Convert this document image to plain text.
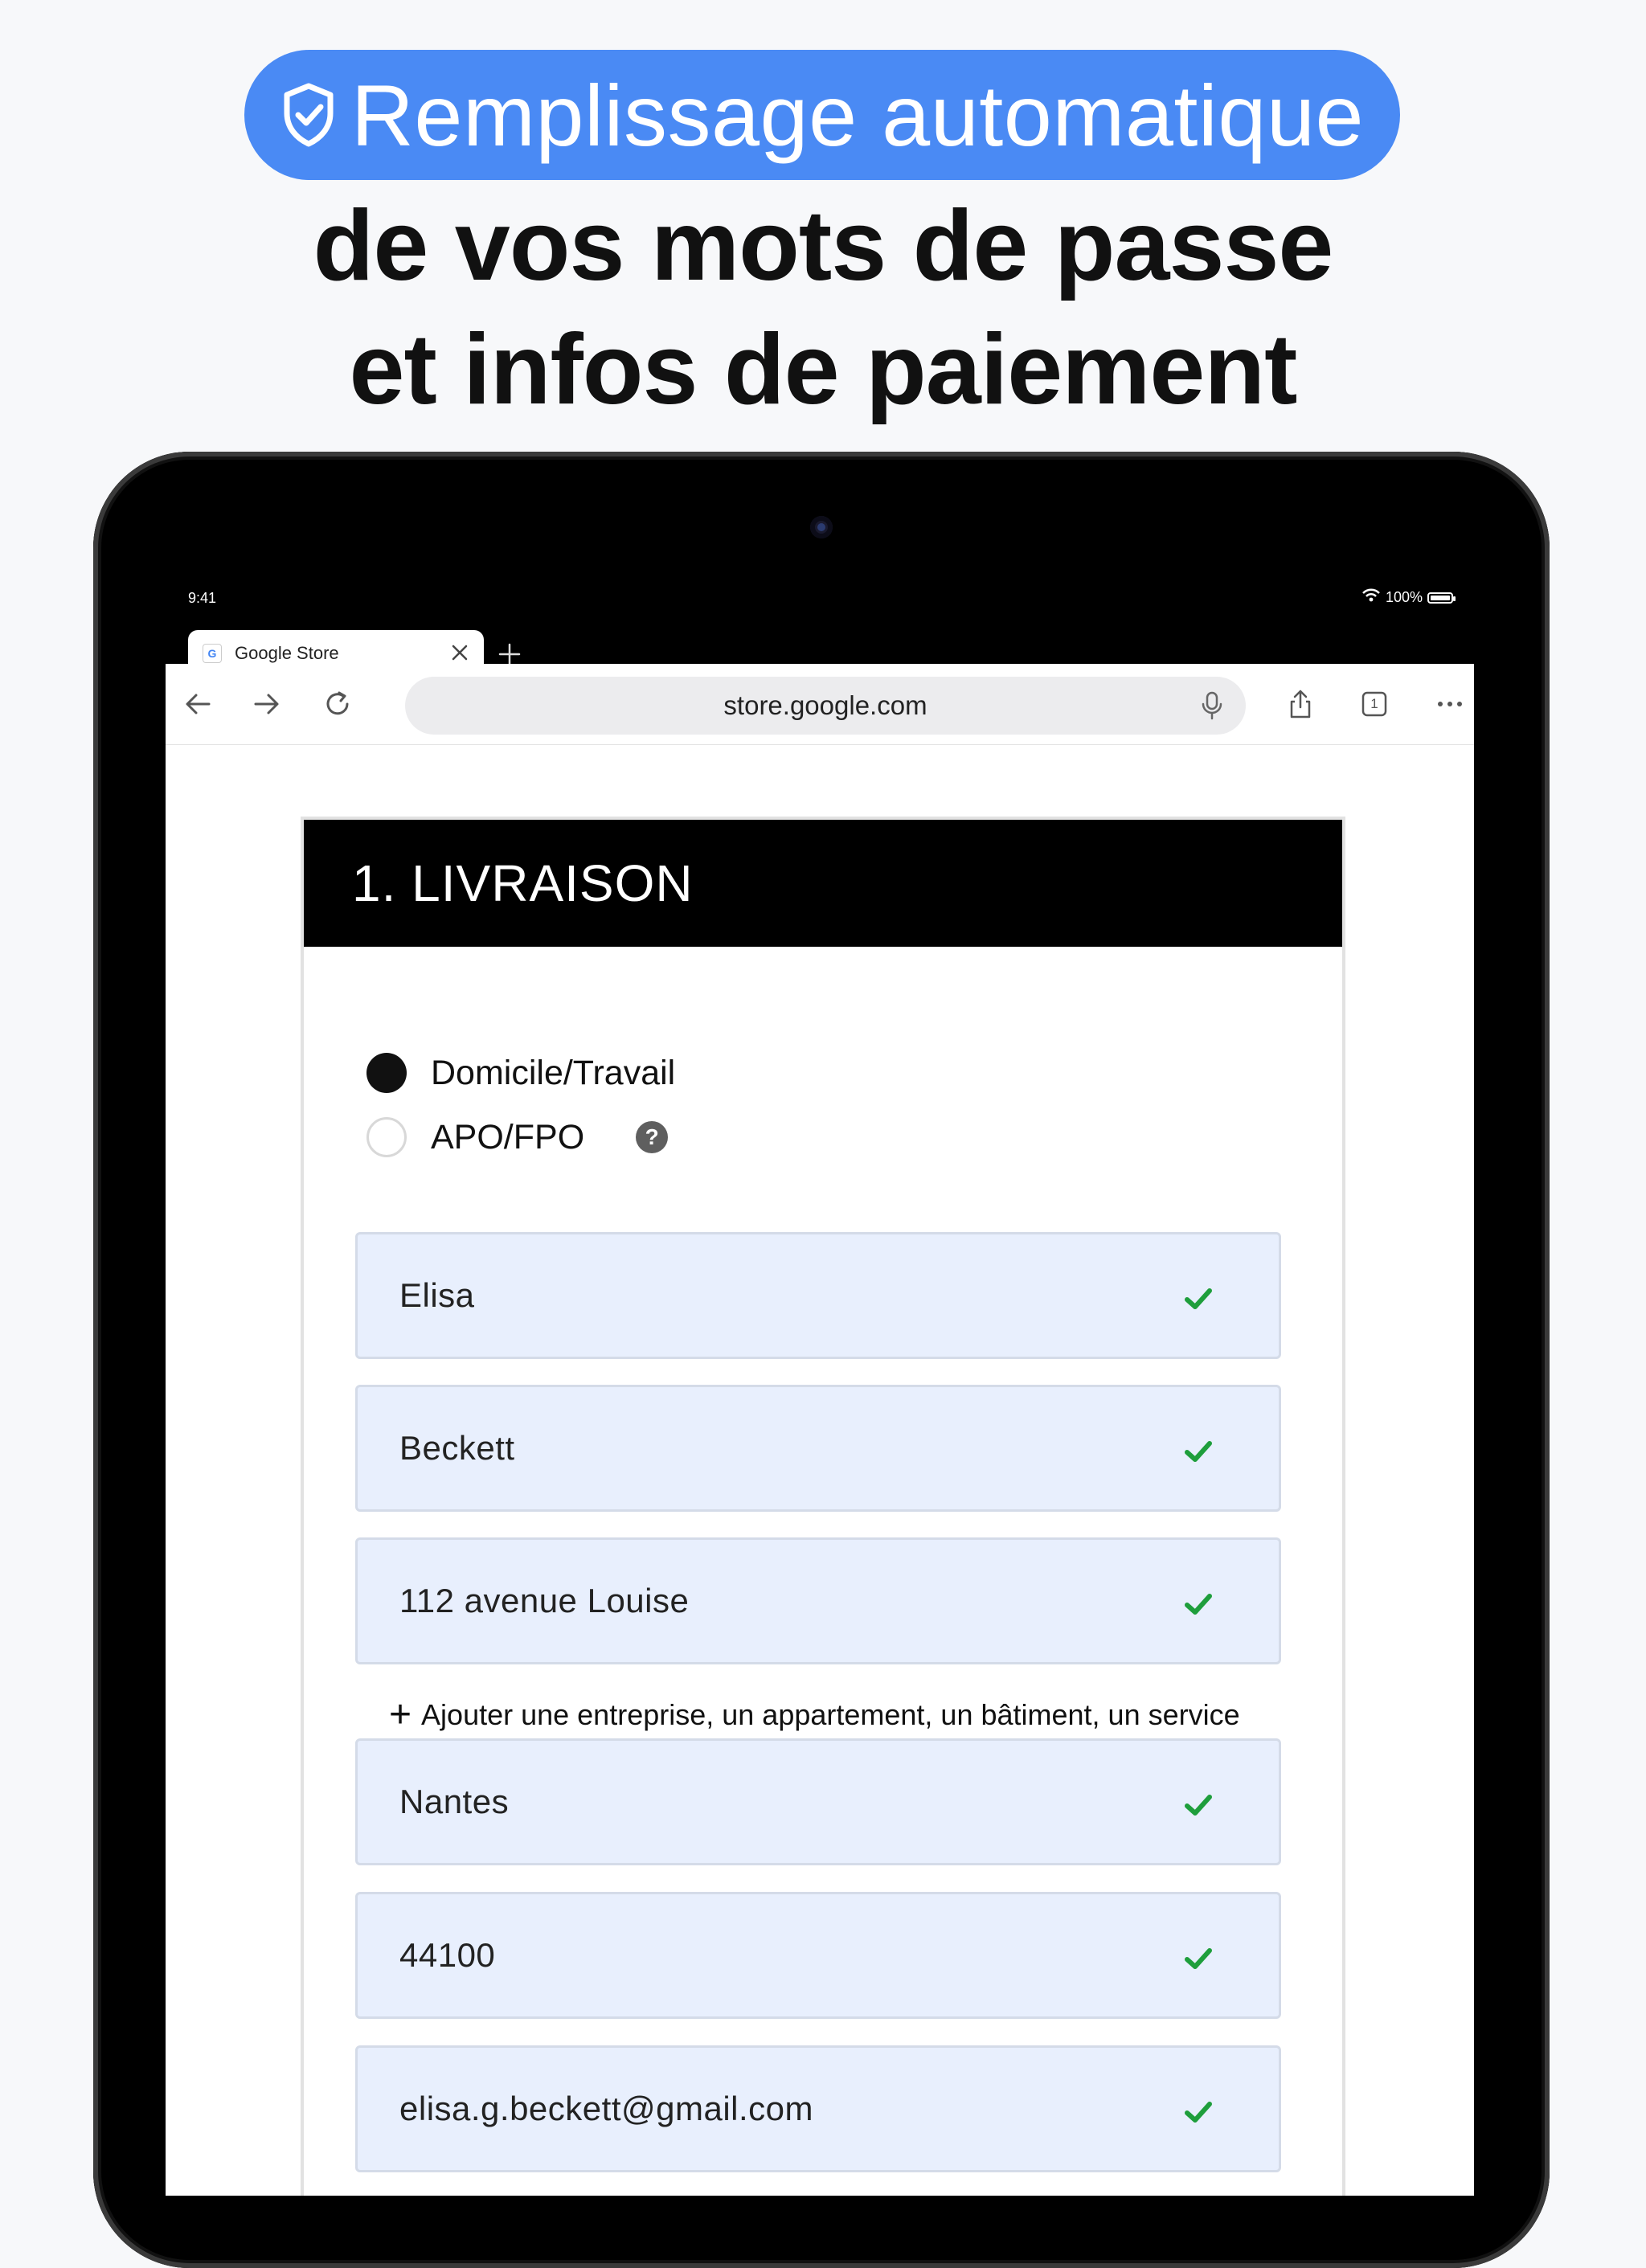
Remplissage automatique
de vos mots de passe
et infos de paiement
9:41	100%
G Google Store
store.google.com	1
1. LIVRAISON
Domicile/Travail
APO/FPO	?
Elisa
Beckett
112 avenue Louise
+ Ajouter une entreprise, un appartement, un bâtiment, un service
Nantes
44100
elisa.g.beckett@gmail.com
